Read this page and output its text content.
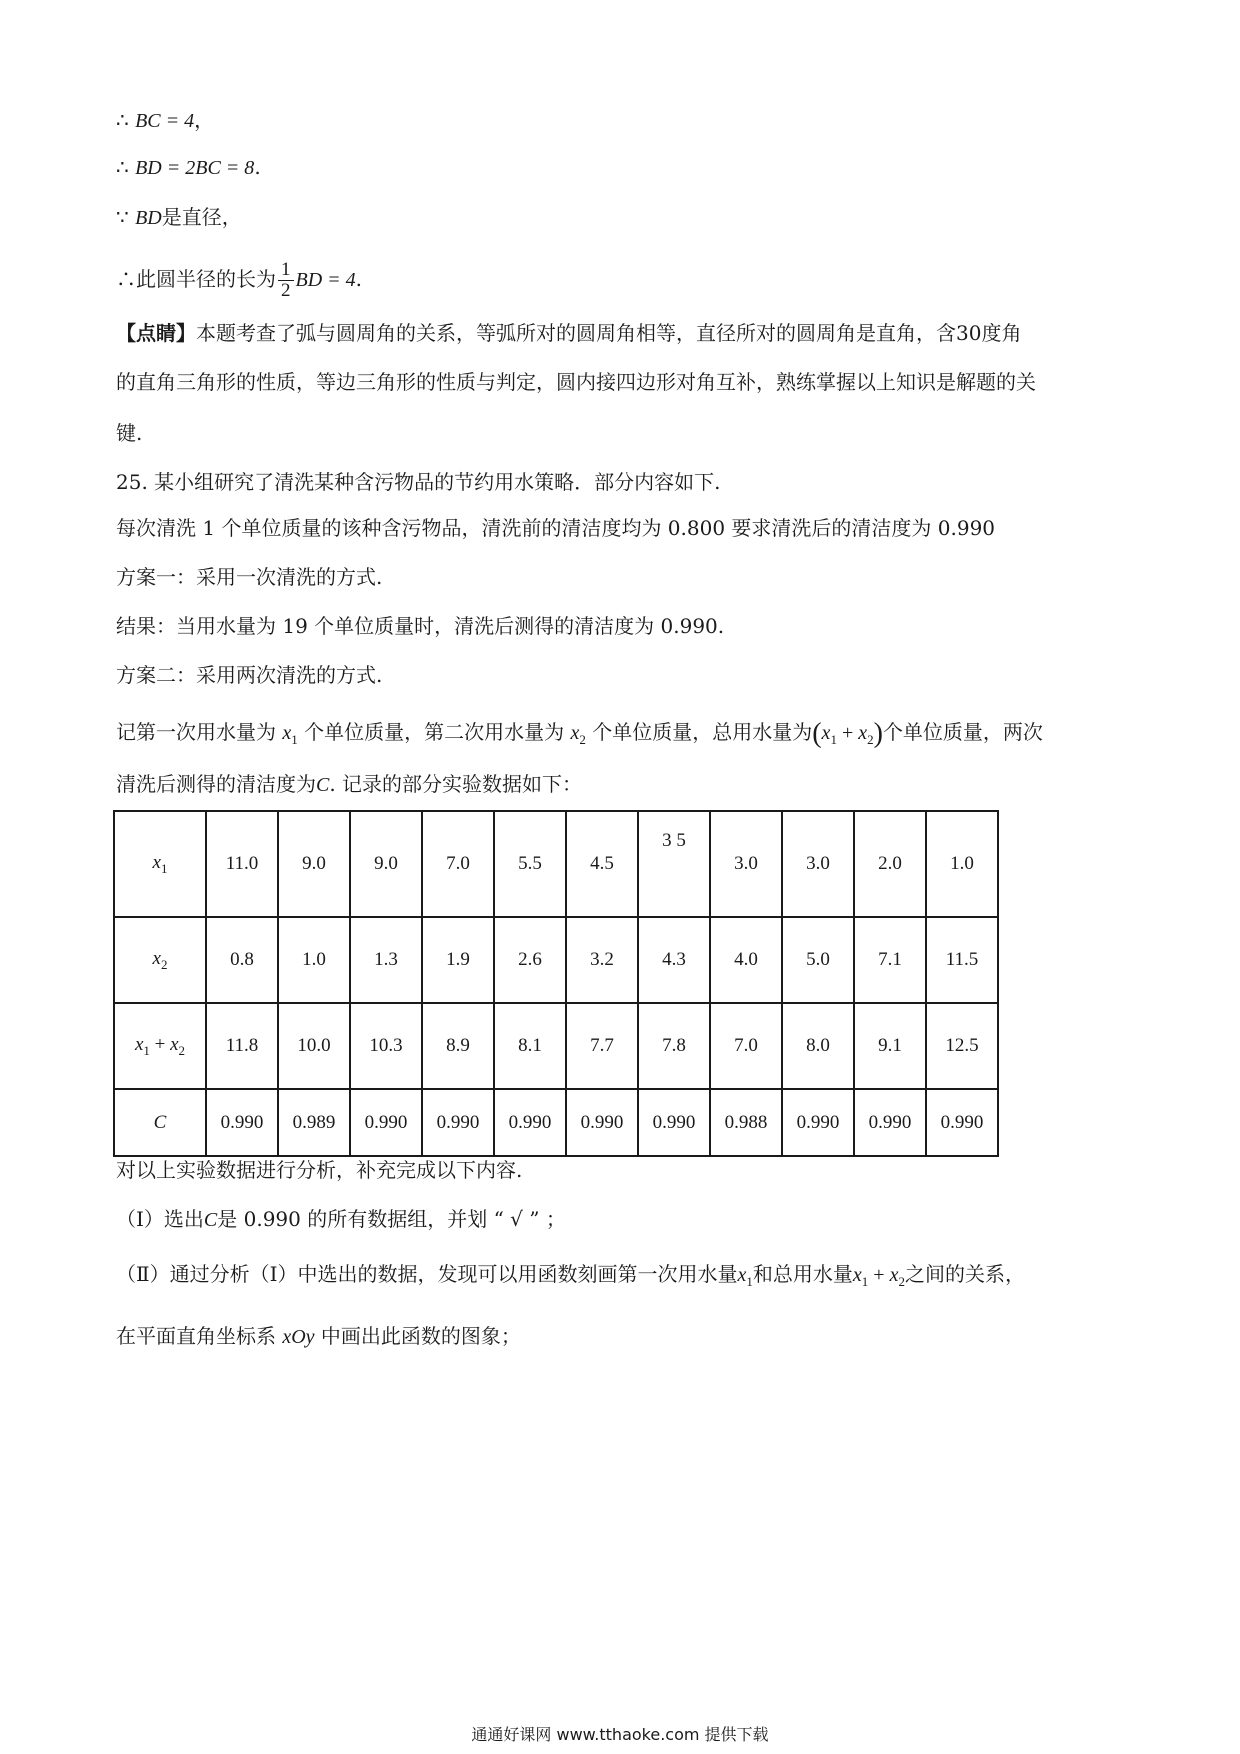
∴ BC = 4，
∴ BD = 2BC = 8.
∵ BD是直径，
∴此圆半径的长为 $\frac{1}{2}$ BD = 4.
【点睛】本题考查了弧与圆周角的关系，等弧所对的圆周角相等，直径所对的圆周角是直角，含30度角
的直角三角形的性质，等边三角形的性质与判定，圆内接四边形对角互补，熟练掌握以上知识是解题的关
键.
25. 某小组研究了清洗某种含污物品的节约用水策略．部分内容如下.
每次清洗 1 个单位质量的该种含污物品，清洗前的清洁度均为 0.800 要求清洗后的清洁度为 0.990
方案一：采用一次清洗的方式.
结果：当用水量为 19 个单位质量时，清洗后测得的清洁度为 0.990.
方案二：采用两次清洗的方式.
记第一次用水量为 $x_1$ 个单位质量，第二次用水量为 $x_2$ 个单位质量，总用水量为$(x_1 + x_2)$个单位质量，两次
清洗后测得的清洁度为C. 记录的部分实验数据如下：
$x_1$	11.0	9.0	9.0	7.0	5.5	4.5	3 5	3.0	3.0	2.0	1.0
$x_2$	0.8	1.0	1.3	1.9	2.6	3.2	4.3	4.0	5.0	7.1	11.5
$x_1 + x_2$	11.8	10.0	10.3	8.9	8.1	7.7	7.8	7.0	8.0	9.1	12.5
C	0.990	0.989	0.990	0.990	0.990	0.990	0.990	0.988	0.990	0.990	0.990
对以上实验数据进行分析，补充完成以下内容.
（Ⅰ）选出C是 0.990 的所有数据组，并划 “ √ ” ；
（Ⅱ）通过分析（Ⅰ）中选出的数据，发现可以用函数刻画第一次用水量$x_1$和总用水量$x_1 + x_2$之间的关系，
在平面直角坐标系 xOy 中画出此函数的图象；
通通好课网 www.tthaoke.com 提供下载
